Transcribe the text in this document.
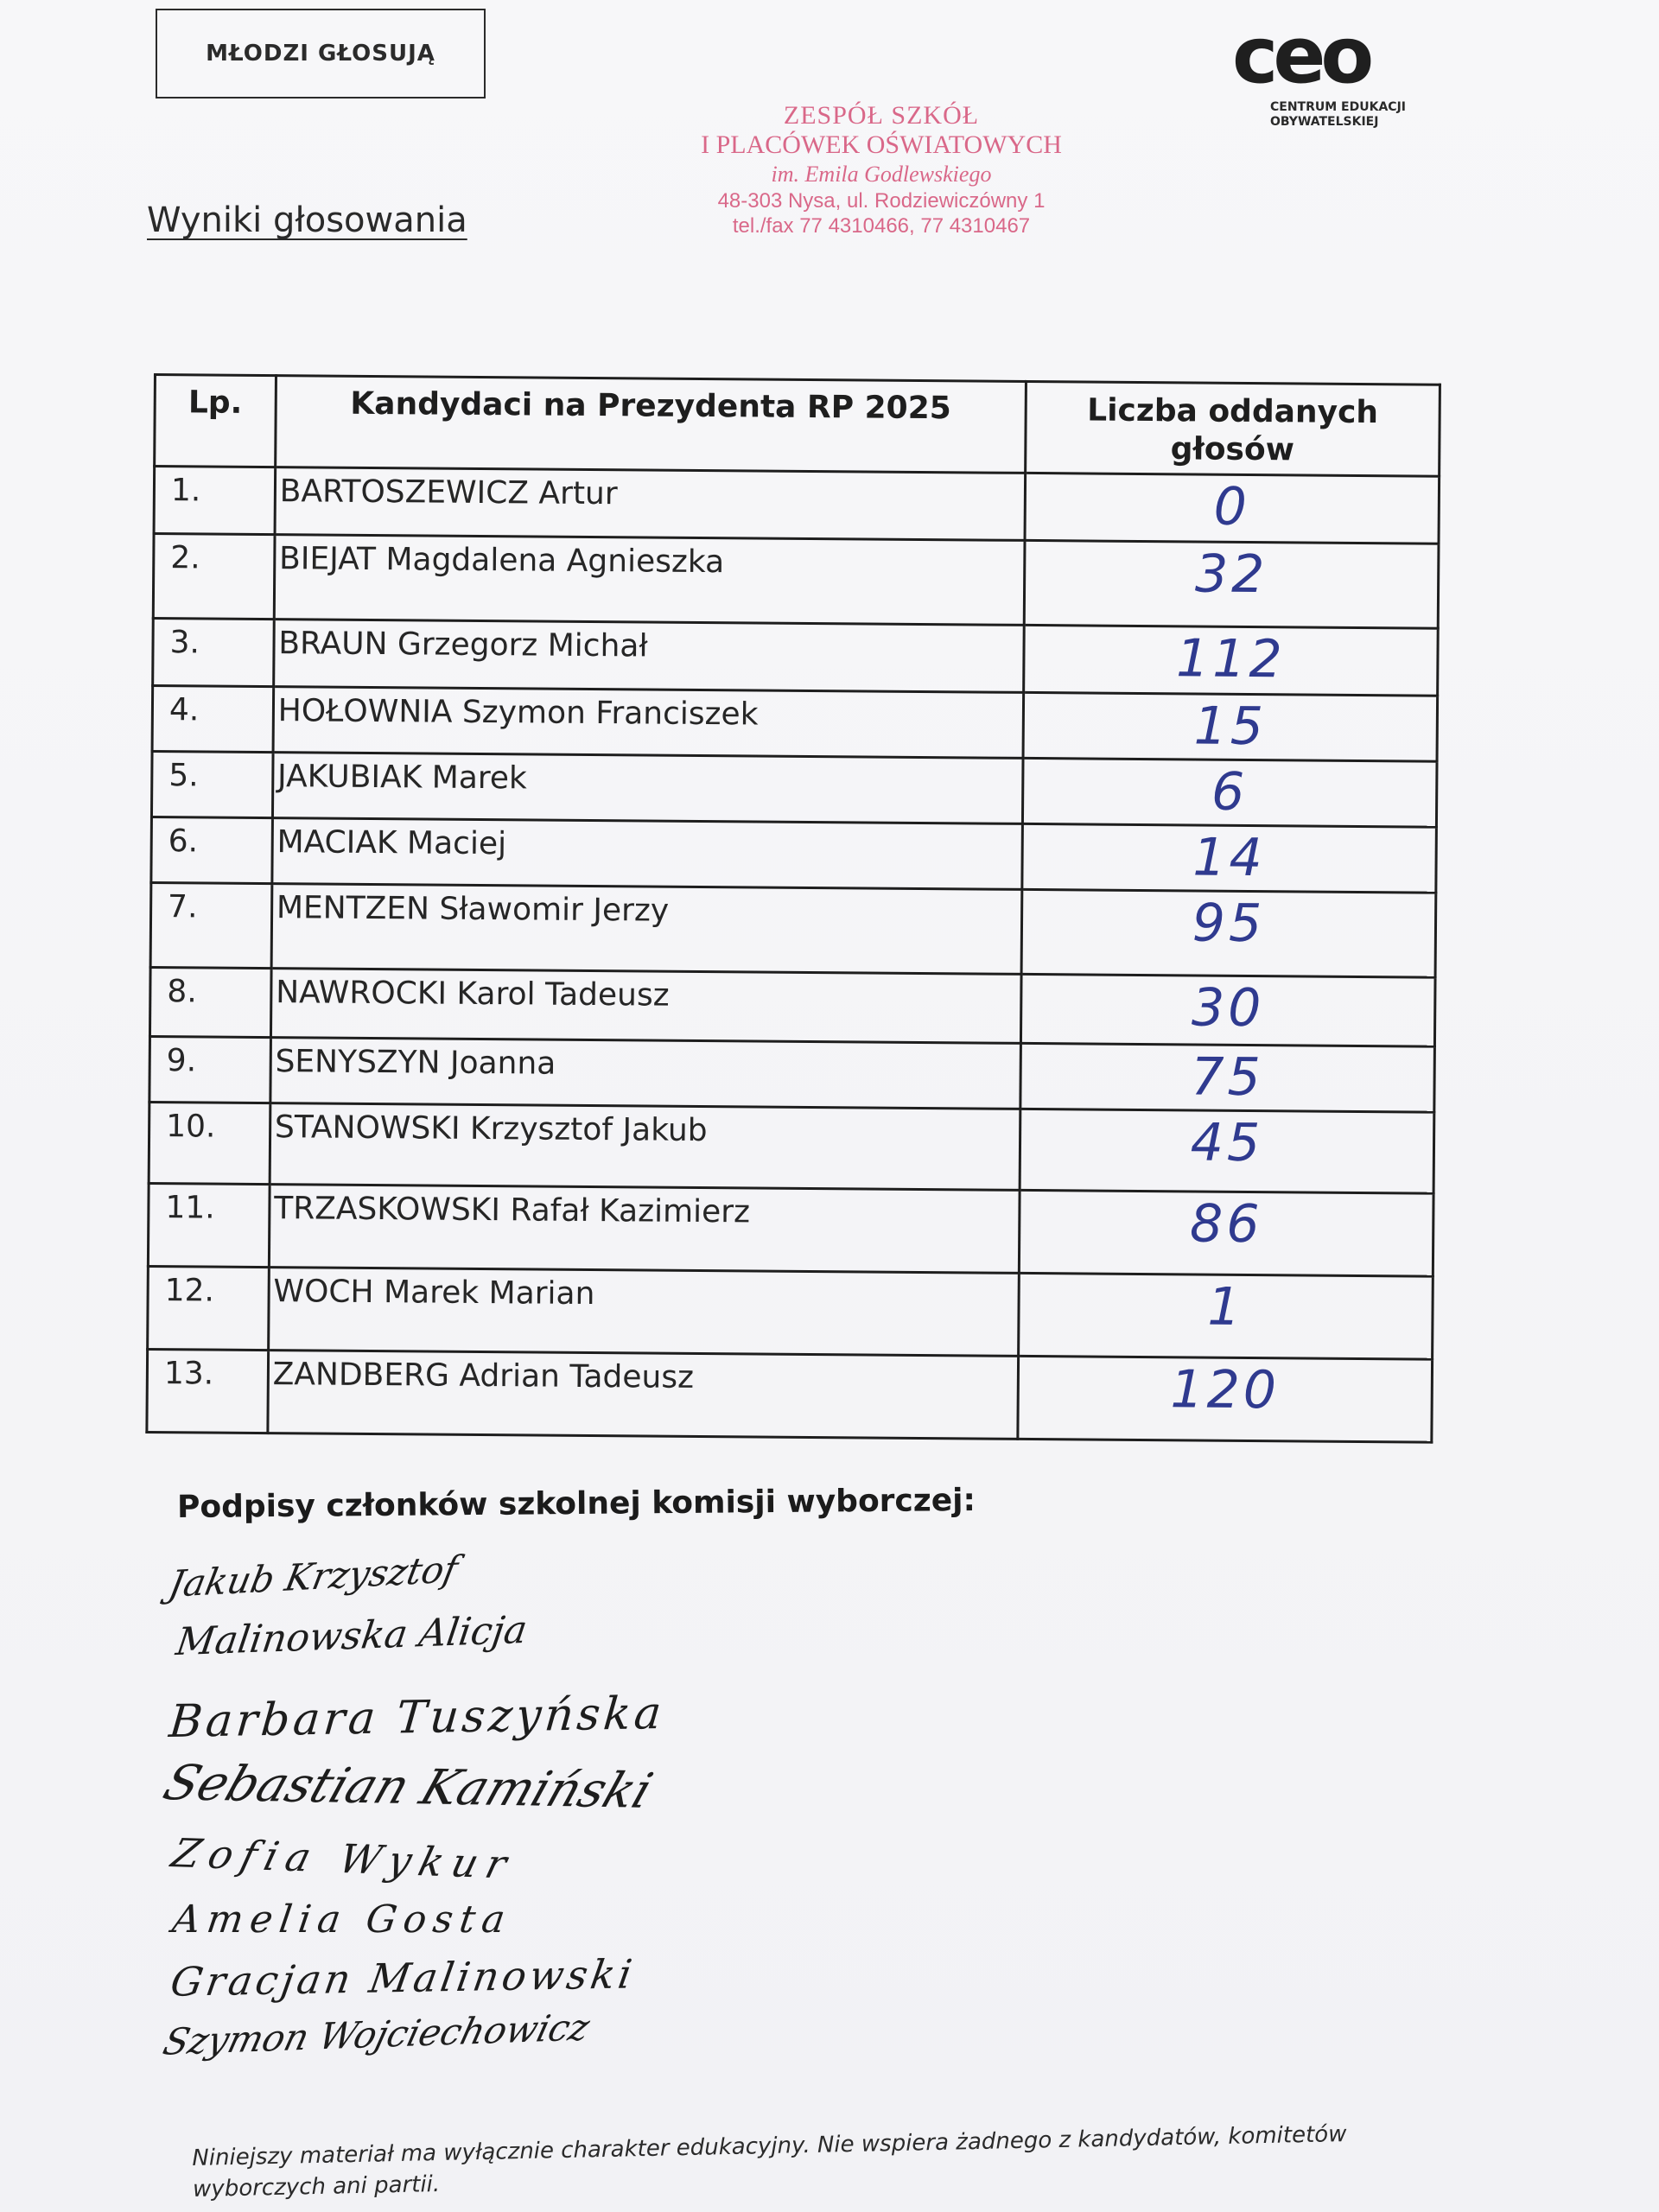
MŁODZI GŁOSUJĄ	ceo
CENTRUM EDUKACJI
OBYWATELSKIEJ
ZESPÓŁ SZKÓŁ
I PLACÓWEK OŚWIATOWYCH
im. Emila Godlewskiego
48-303 Nysa, ul. Rodziewiczówny 1
tel./fax 77 4310466, 77 4310467
Wyniki głosowania
Lp.	Kandydaci na Prezydenta RP 2025	Liczba oddanych głosów
1.	BARTOSZEWICZ Artur	0
2.	BIEJAT Magdalena Agnieszka	32
3.	BRAUN Grzegorz Michał	112
4.	HOŁOWNIA Szymon Franciszek	15
5.	JAKUBIAK Marek	6
6.	MACIAK Maciej	14
7.	MENTZEN Sławomir Jerzy	95
8.	NAWROCKI Karol Tadeusz	30
9.	SENYSZYN Joanna	75
10.	STANOWSKI Krzysztof Jakub	45
11.	TRZASKOWSKI Rafał Kazimierz	86
12.	WOCH Marek Marian	1
13.	ZANDBERG Adrian Tadeusz	120
Podpisy członków szkolnej komisji wyborczej:
Jakub Krzysztof
Malinowska Alicja
Barbara Tuszyńska
Sebastian Kamiński
Zofia Wykur
Amelia Gosta
Gracjan Malinowski
Szymon Wojciechowicz
Niniejszy materiał ma wyłącznie charakter edukacyjny. Nie wspiera żadnego z kandydatów, komitetów
wyborczych ani partii.
